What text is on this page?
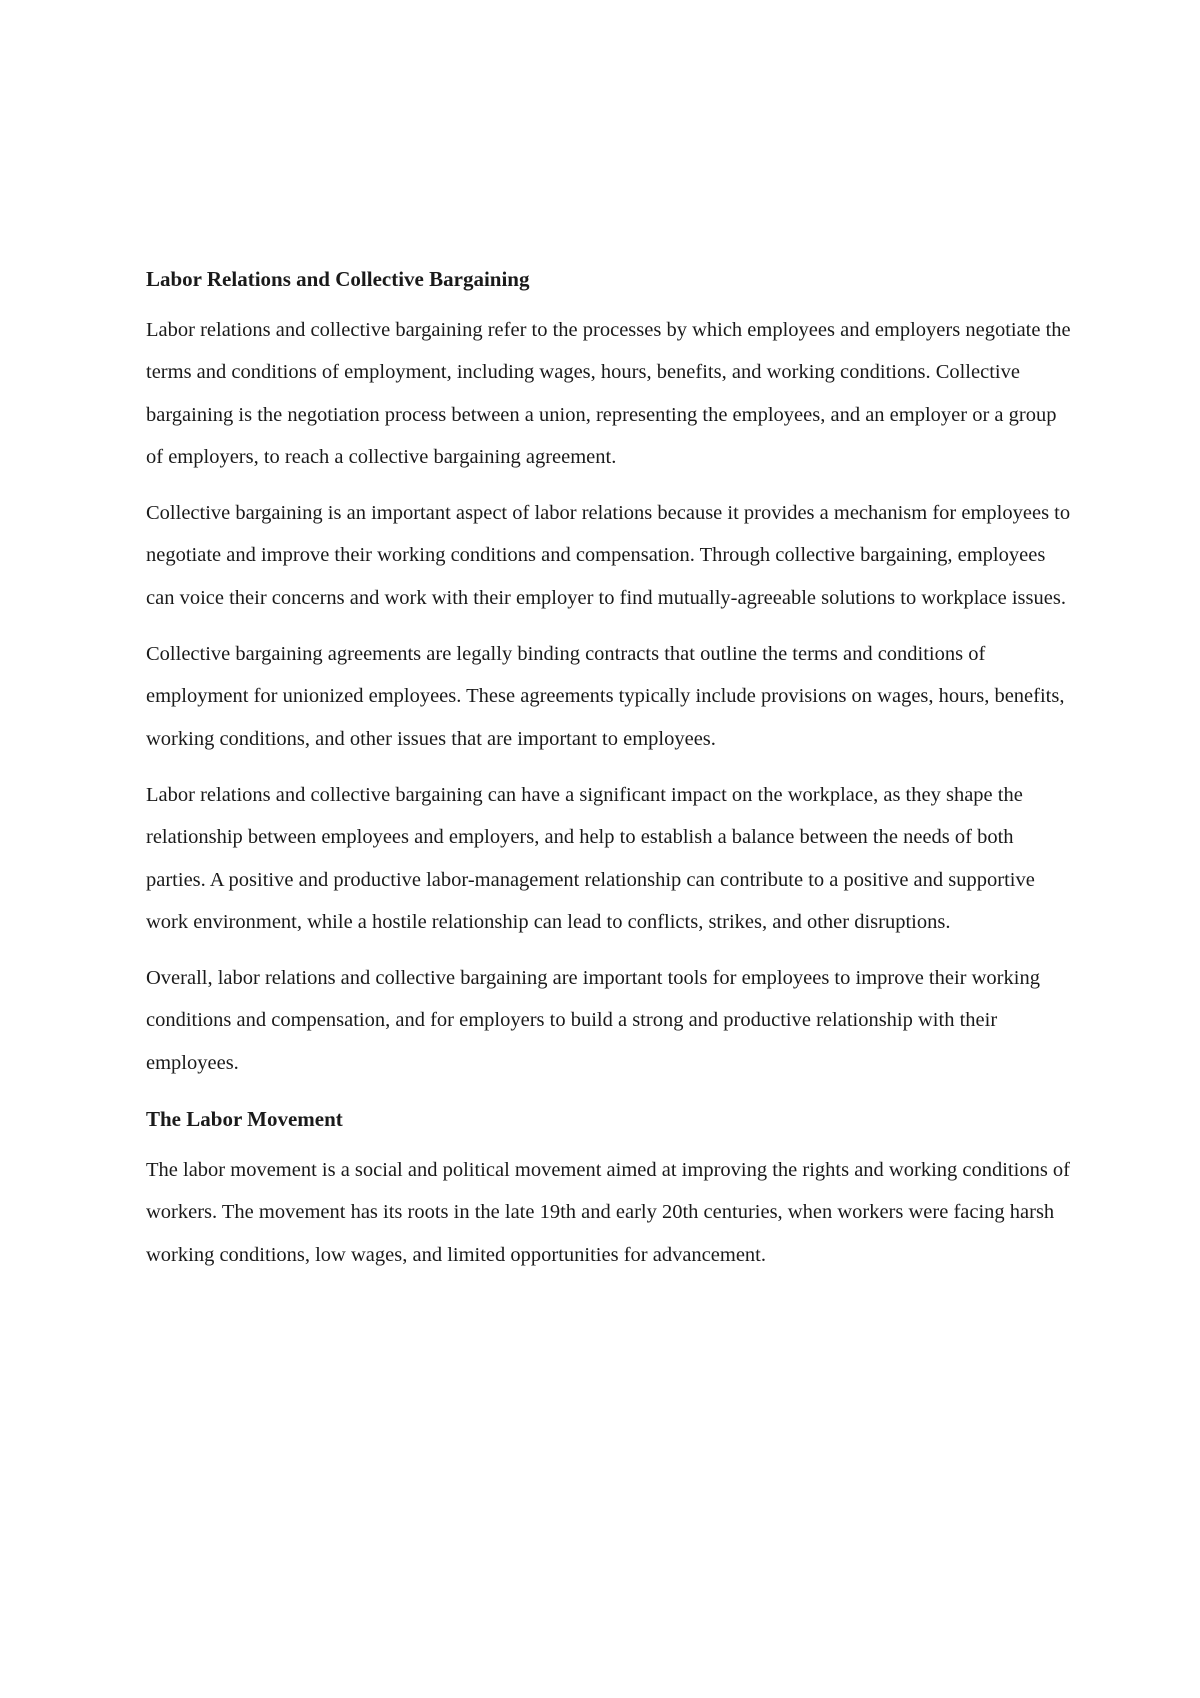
Labor Relations and Collective Bargaining

Labor relations and collective bargaining refer to the processes by which employees and employers negotiate the terms and conditions of employment, including wages, hours, benefits, and working conditions. Collective bargaining is the negotiation process between a union, representing the employees, and an employer or a group of employers, to reach a collective bargaining agreement.

Collective bargaining is an important aspect of labor relations because it provides a mechanism for employees to negotiate and improve their working conditions and compensation. Through collective bargaining, employees can voice their concerns and work with their employer to find mutually-agreeable solutions to workplace issues.

Collective bargaining agreements are legally binding contracts that outline the terms and conditions of employment for unionized employees. These agreements typically include provisions on wages, hours, benefits, working conditions, and other issues that are important to employees.

Labor relations and collective bargaining can have a significant impact on the workplace, as they shape the relationship between employees and employers, and help to establish a balance between the needs of both parties. A positive and productive labor-management relationship can contribute to a positive and supportive work environment, while a hostile relationship can lead to conflicts, strikes, and other disruptions.

Overall, labor relations and collective bargaining are important tools for employees to improve their working conditions and compensation, and for employers to build a strong and productive relationship with their employees.

The Labor Movement

The labor movement is a social and political movement aimed at improving the rights and working conditions of workers. The movement has its roots in the late 19th and early 20th centuries, when workers were facing harsh working conditions, low wages, and limited opportunities for advancement.
